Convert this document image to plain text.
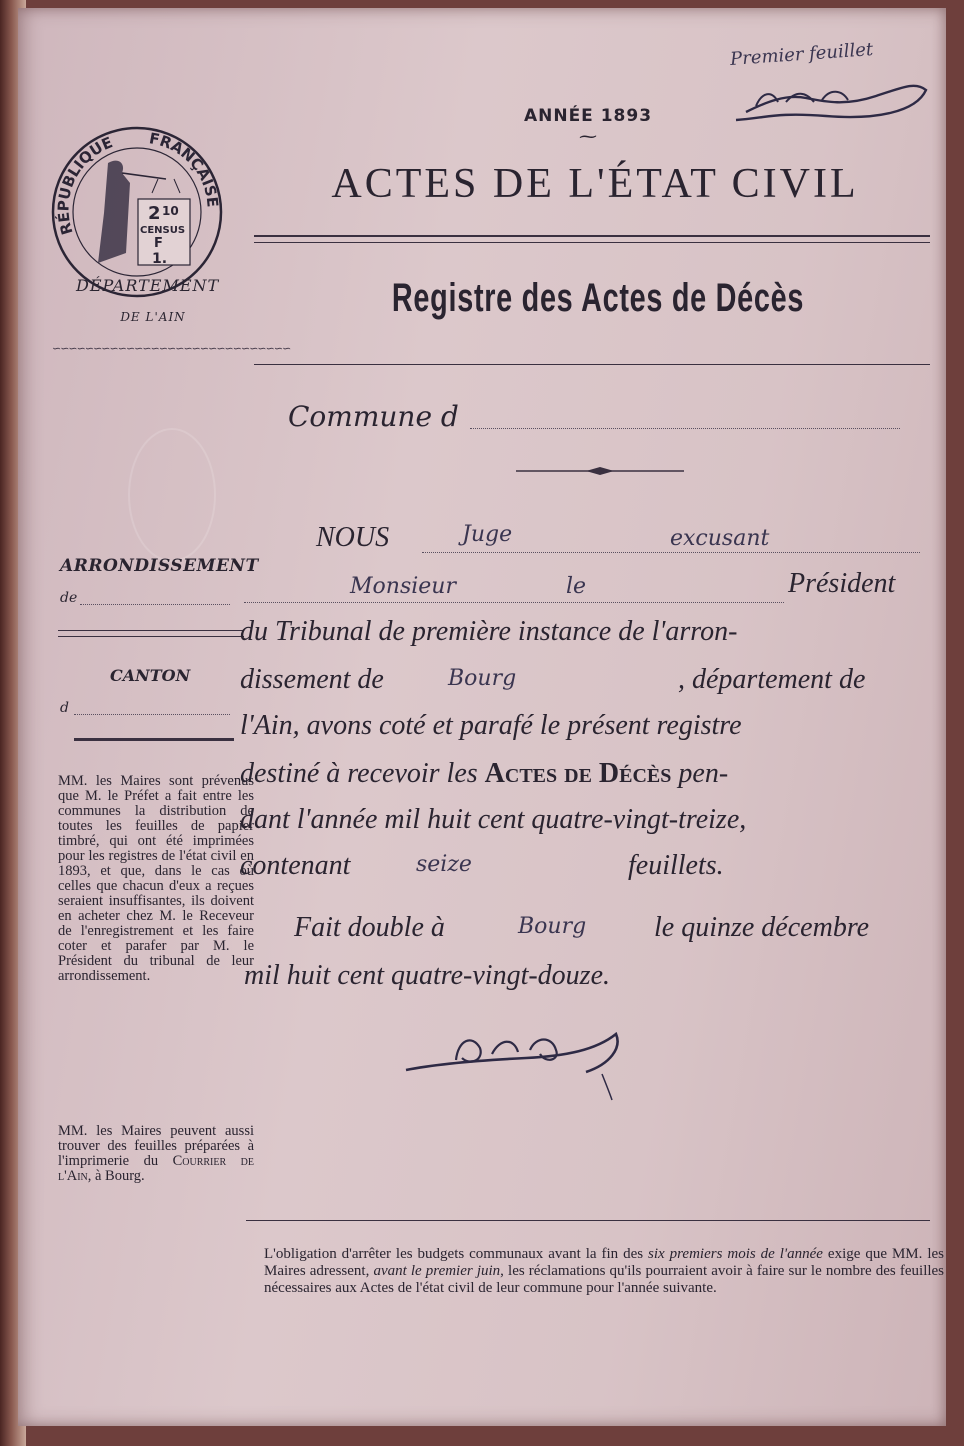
ANNÉE 1893
⁓
Premier feuillet
RÉPUBLIQUE FRANÇAISE
2 10
CENSUS
F
1.
DÉPARTEMENT
DE L'AIN
∽∽∽∽∽∽∽∽∽∽∽∽∽∽∽∽∽∽∽∽∽∽∽∽∽∽∽∽∽
ACTES DE L'ÉTAT CIVIL
Registre des Actes de Décès
Commune d
ARRONDISSEMENT
de
CANTON
d
MM. les Maires sont prévenus que M. le Préfet a fait entre les communes la distribution de toutes les feuilles de papier timbré, qui ont été imprimées pour les registres de l'état civil en 1893, et que, dans le cas où celles que chacun d'eux a reçues seraient insuffisantes, ils doivent en acheter chez M. le Receveur de l'enregistrement et les faire coter et parafer par M. le Président du tribunal de leur arrondissement.
MM. les Maires peuvent aussi trouver des feuilles préparées à l'imprimerie du Courrier de l'Ain, à Bourg.
NOUS	Juge	excusant
Monsieur	le	Président
du Tribunal de première instance de l'arron-
dissement de	Bourg	, département de
l'Ain, avons coté et parafé le présent registre
destiné à recevoir les Actes de Décès pen-
dant l'année mil huit cent quatre-vingt-treize,
contenant	seize	feuillets.
Fait double à	Bourg le quinze décembre
mil huit cent quatre-vingt-douze.
L'obligation d'arrêter les budgets communaux avant la fin des six premiers mois de l'année exige que MM. les Maires adressent, avant le premier juin, les réclamations qu'ils pourraient avoir à faire sur le nombre des feuilles nécessaires aux Actes de l'état civil de leur commune pour l'année suivante.
